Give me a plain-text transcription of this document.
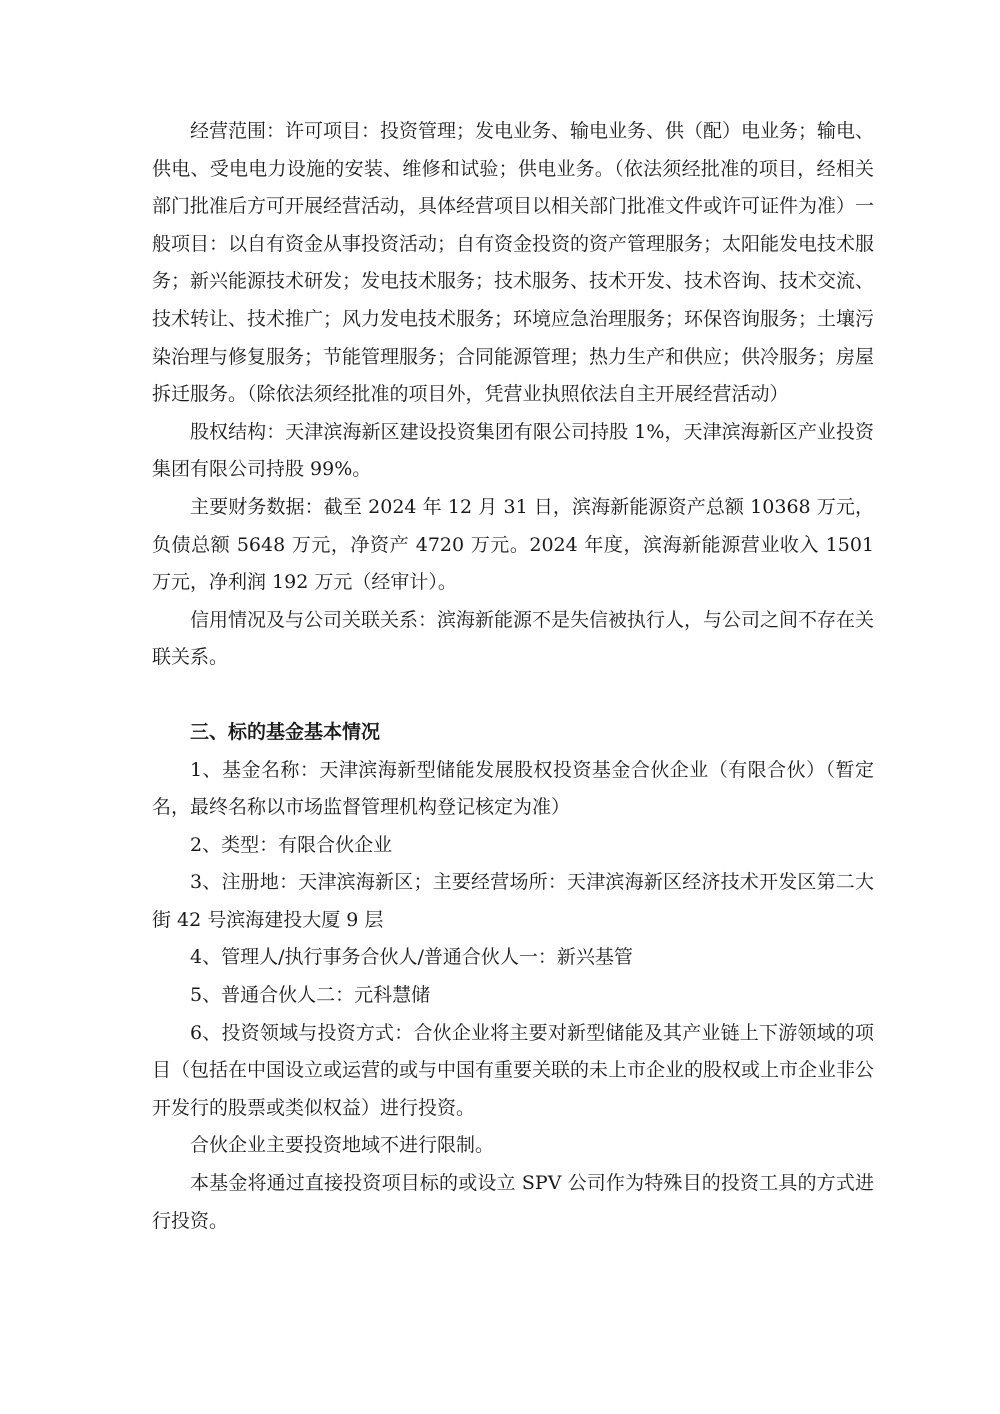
经营范围：许可项目：投资管理；发电业务、输电业务、供（配）电业务；输电、供电、受电电力设施的安装、维修和试验；供电业务。（依法须经批准的项目，经相关部门批准后方可开展经营活动，具体经营项目以相关部门批准文件或许可证件为准）一般项目：以自有资金从事投资活动；自有资金投资的资产管理服务；太阳能发电技术服务；新兴能源技术研发；发电技术服务；技术服务、技术开发、技术咨询、技术交流、技术转让、技术推广；风力发电技术服务；环境应急治理服务；环保咨询服务；土壤污染治理与修复服务；节能管理服务；合同能源管理；热力生产和供应；供冷服务；房屋拆迁服务。（除依法须经批准的项目外，凭营业执照依法自主开展经营活动）

股权结构：天津滨海新区建设投资集团有限公司持股 1%，天津滨海新区产业投资集团有限公司持股 99%。

主要财务数据：截至 2024 年 12 月 31 日，滨海新能源资产总额 10368 万元，负债总额 5648 万元，净资产 4720 万元。2024 年度，滨海新能源营业收入 1501 万元，净利润 192 万元（经审计）。

信用情况及与公司关联关系：滨海新能源不是失信被执行人，与公司之间不存在关联关系。

三、标的基金基本情况

1、基金名称：天津滨海新型储能发展股权投资基金合伙企业（有限合伙）（暂定名，最终名称以市场监督管理机构登记核定为准）

2、类型：有限合伙企业

3、注册地：天津滨海新区；主要经营场所：天津滨海新区经济技术开发区第二大街 42 号滨海建投大厦 9 层

4、管理人/执行事务合伙人/普通合伙人一：新兴基管

5、普通合伙人二：元科慧储

6、投资领域与投资方式：合伙企业将主要对新型储能及其产业链上下游领域的项目（包括在中国设立或运营的或与中国有重要关联的未上市企业的股权或上市企业非公开发行的股票或类似权益）进行投资。

合伙企业主要投资地域不进行限制。

本基金将通过直接投资项目标的或设立 SPV 公司作为特殊目的投资工具的方式进行投资。
